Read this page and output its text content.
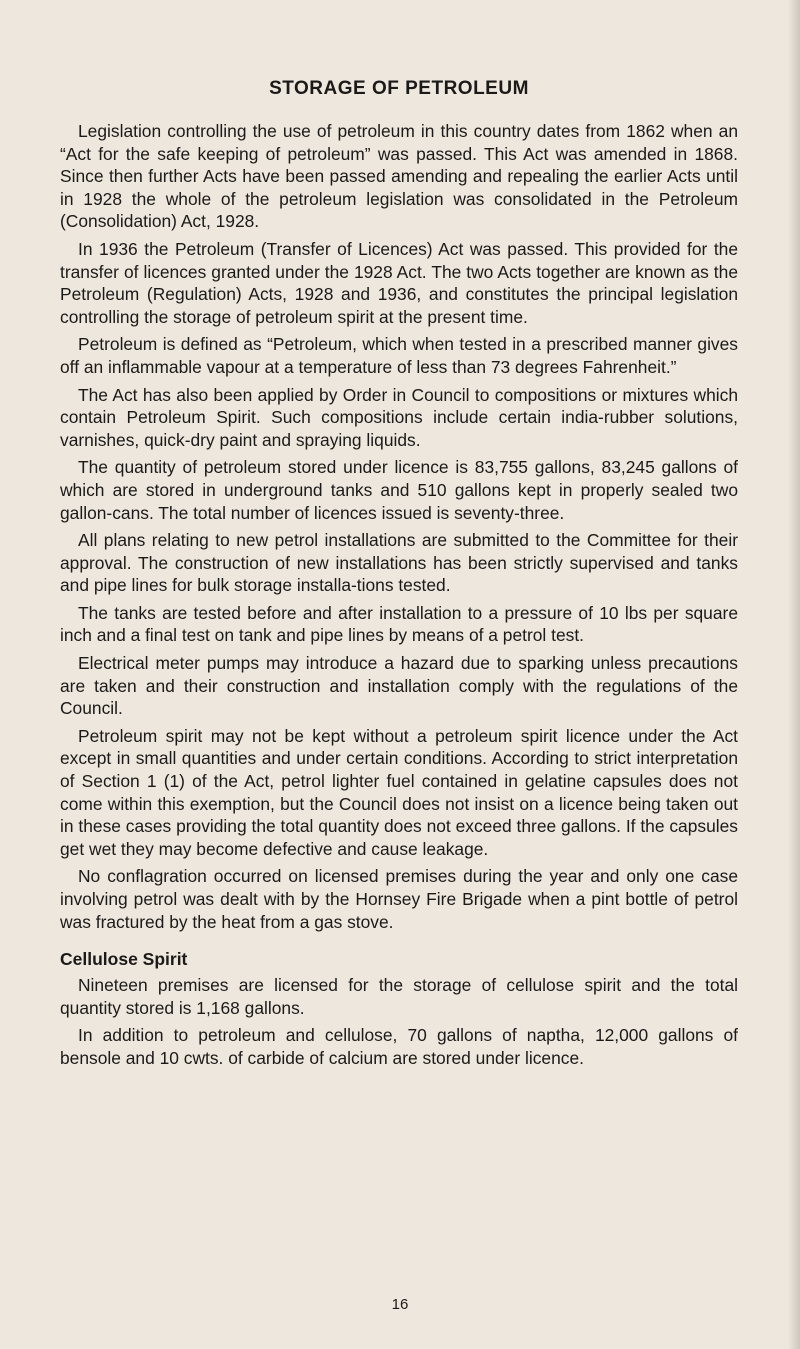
STORAGE OF PETROLEUM

Legislation controlling the use of petroleum in this country dates from 1862 when an “Act for the safe keeping of petroleum” was passed. This Act was amended in 1868. Since then further Acts have been passed amending and repealing the earlier Acts until in 1928 the whole of the petroleum legislation was consolidated in the Petroleum (Consolidation) Act, 1928.

In 1936 the Petroleum (Transfer of Licences) Act was passed. This provided for the transfer of licences granted under the 1928 Act. The two Acts together are known as the Petroleum (Regulation) Acts, 1928 and 1936, and constitutes the principal legislation controlling the storage of petroleum spirit at the present time.

Petroleum is defined as “Petroleum, which when tested in a prescribed manner gives off an inflammable vapour at a temperature of less than 73 degrees Fahrenheit.”

The Act has also been applied by Order in Council to compositions or mixtures which contain Petroleum Spirit. Such compositions include certain india-rubber solutions, varnishes, quick-dry paint and spraying liquids.

The quantity of petroleum stored under licence is 83,755 gallons, 83,245 gallons of which are stored in underground tanks and 510 gallons kept in properly sealed two gallon-cans. The total number of licences issued is seventy-three.

All plans relating to new petrol installations are submitted to the Committee for their approval. The construction of new installations has been strictly supervised and tanks and pipe lines for bulk storage installa-tions tested.

The tanks are tested before and after installation to a pressure of 10 lbs per square inch and a final test on tank and pipe lines by means of a petrol test.

Electrical meter pumps may introduce a hazard due to sparking unless precautions are taken and their construction and installation comply with the regulations of the Council.

Petroleum spirit may not be kept without a petroleum spirit licence under the Act except in small quantities and under certain conditions. According to strict interpretation of Section 1 (1) of the Act, petrol lighter fuel contained in gelatine capsules does not come within this exemption, but the Council does not insist on a licence being taken out in these cases providing the total quantity does not exceed three gallons. If the capsules get wet they may become defective and cause leakage.

No conflagration occurred on licensed premises during the year and only one case involving petrol was dealt with by the Hornsey Fire Brigade when a pint bottle of petrol was fractured by the heat from a gas stove.

Cellulose Spirit

Nineteen premises are licensed for the storage of cellulose spirit and the total quantity stored is 1,168 gallons.

In addition to petroleum and cellulose, 70 gallons of naptha, 12,000 gallons of bensole and 10 cwts. of carbide of calcium are stored under licence.

16
